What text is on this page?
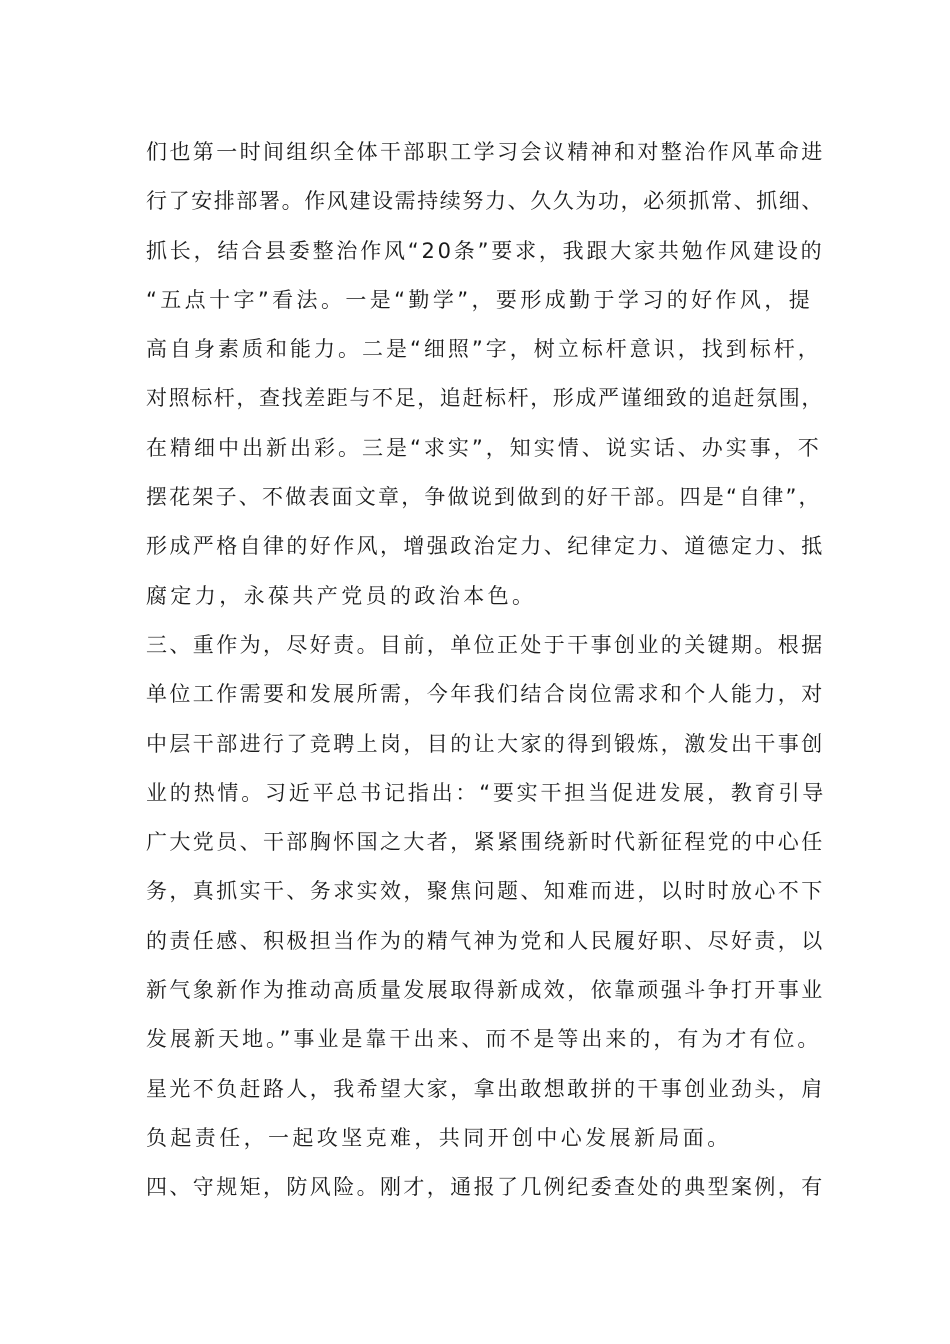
们也第一时间组织全体干部职工学习会议精神和对整治作风革命进
行了安排部署。作风建设需持续努力、久久为功，必须抓常、抓细、
抓长，结合县委整治作风“20条”要求，我跟大家共勉作风建设的
“五点十字”看法。一是“勤学”，要形成勤于学习的好作风，提
高自身素质和能力。二是“细照”字，树立标杆意识，找到标杆，
对照标杆，查找差距与不足，追赶标杆，形成严谨细致的追赶氛围，
在精细中出新出彩。三是“求实”，知实情、说实话、办实事，不
摆花架子、不做表面文章，争做说到做到的好干部。四是“自律”，
形成严格自律的好作风，增强政治定力、纪律定力、道德定力、抵
腐定力，永葆共产党员的政治本色。
三、重作为，尽好责。目前，单位正处于干事创业的关键期。根据
单位工作需要和发展所需，今年我们结合岗位需求和个人能力，对
中层干部进行了竞聘上岗，目的让大家的得到锻炼，激发出干事创
业的热情。习近平总书记指出：“要实干担当促进发展，教育引导
广大党员、干部胸怀国之大者，紧紧围绕新时代新征程党的中心任
务，真抓实干、务求实效，聚焦问题、知难而进，以时时放心不下
的责任感、积极担当作为的精气神为党和人民履好职、尽好责，以
新气象新作为推动高质量发展取得新成效，依靠顽强斗争打开事业
发展新天地。”事业是靠干出来、而不是等出来的，有为才有位。
星光不负赶路人，我希望大家，拿出敢想敢拼的干事创业劲头，肩
负起责任，一起攻坚克难，共同开创中心发展新局面。
四、守规矩，防风险。刚才，通报了几例纪委查处的典型案例，有
